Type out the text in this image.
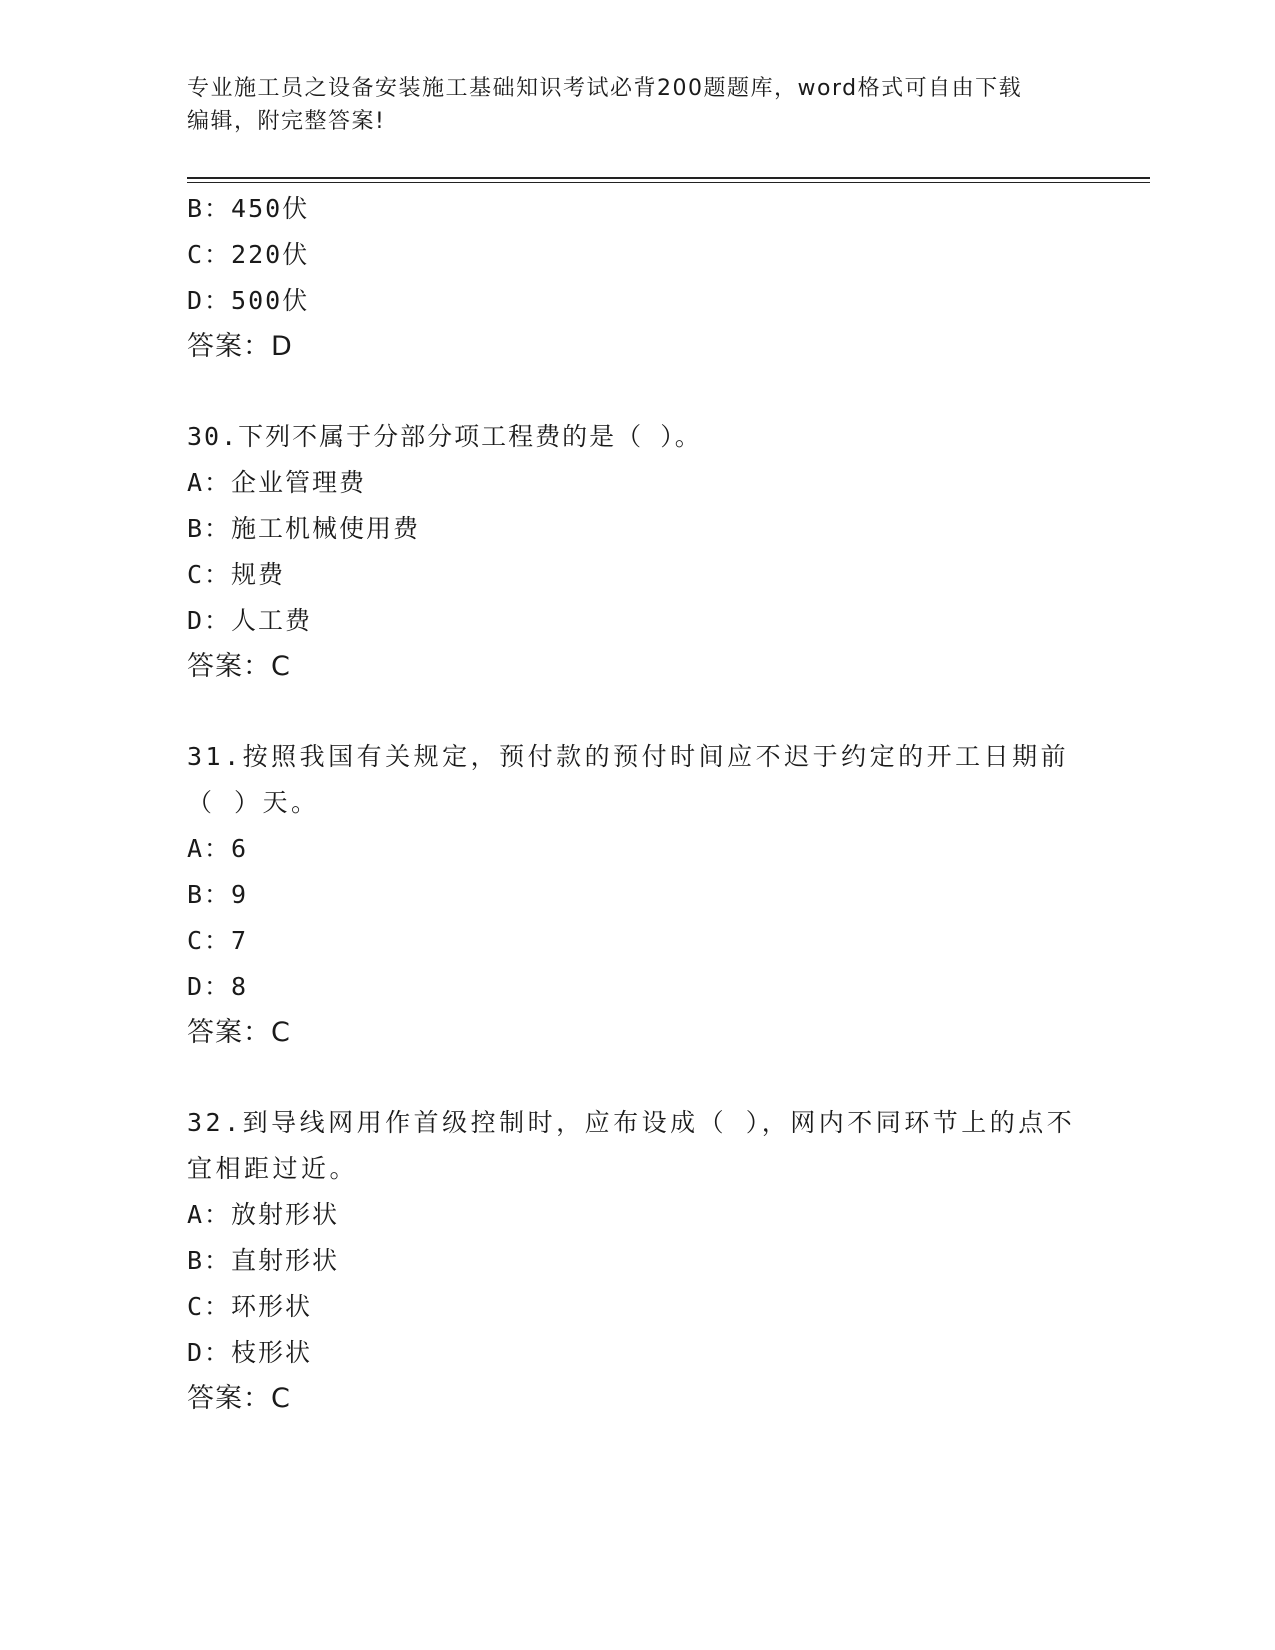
专业施工员之设备安装施工基础知识考试必背200题题库，word格式可自由下载
编辑，附完整答案!
B：450伏
C：220伏
D：500伏
答案：D
30.下列不属于分部分项工程费的是（ ）。
A：企业管理费
B：施工机械使用费
C：规费
D：人工费
答案：C
31.按照我国有关规定，预付款的预付时间应不迟于约定的开工日期前（ ）天。
A：6
B：9
C：7
D：8
答案：C
32.到导线网用作首级控制时，应布设成（ ），网内不同环节上的点不宜相距过近。
A：放射形状
B：直射形状
C：环形状
D：枝形状
答案：C
